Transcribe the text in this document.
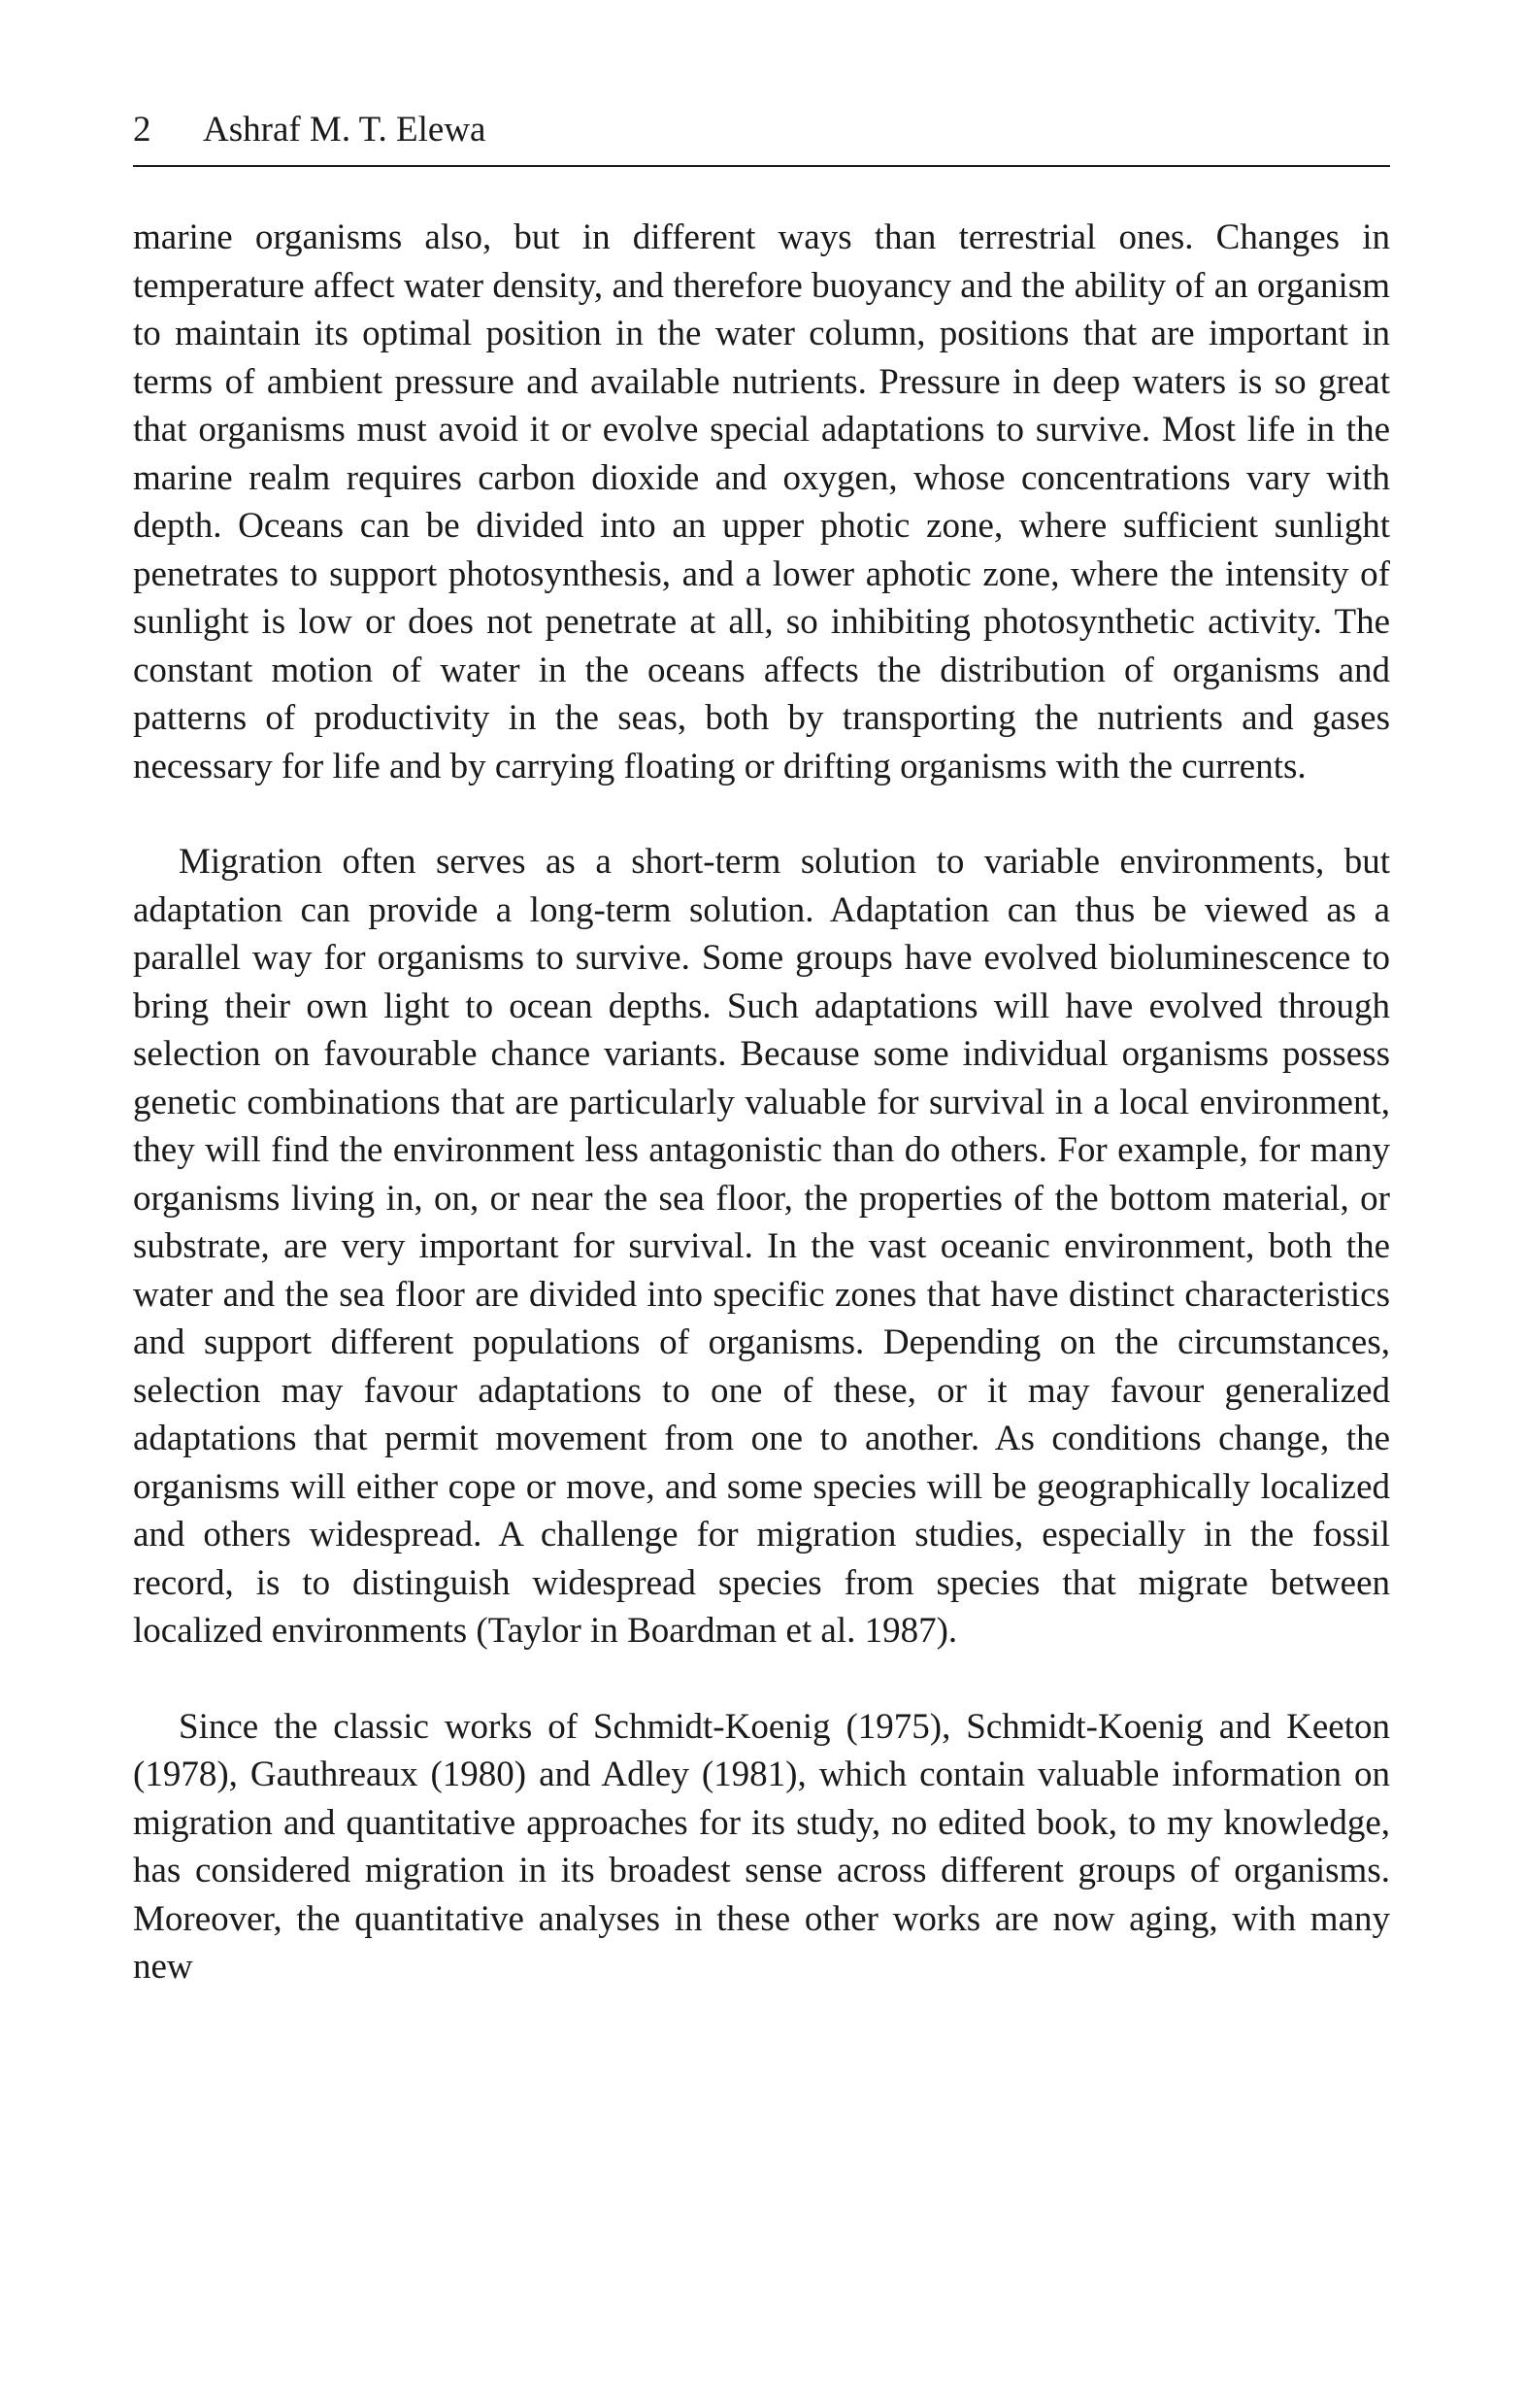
2 Ashraf M. T. Elewa

marine organisms also, but in different ways than terrestrial ones. Changes in temperature affect water density, and therefore buoyancy and the ability of an organism to maintain its optimal position in the water column, positions that are important in terms of ambient pressure and available nutrients. Pressure in deep waters is so great that organisms must avoid it or evolve special adaptations to survive. Most life in the marine realm requires carbon dioxide and oxygen, whose concentrations vary with depth. Oceans can be divided into an upper photic zone, where sufficient sunlight penetrates to support photosynthesis, and a lower aphotic zone, where the intensity of sunlight is low or does not penetrate at all, so inhibiting photosynthetic activity. The constant motion of water in the oceans affects the distribution of organisms and patterns of productivity in the seas, both by transporting the nutrients and gases necessary for life and by carrying floating or drifting organisms with the currents.

Migration often serves as a short-term solution to variable environments, but adaptation can provide a long-term solution. Adaptation can thus be viewed as a parallel way for organisms to survive. Some groups have evolved bioluminescence to bring their own light to ocean depths. Such adaptations will have evolved through selection on favourable chance variants. Because some individual organisms possess genetic combinations that are particularly valuable for survival in a local environment, they will find the environment less antagonistic than do others. For example, for many organisms living in, on, or near the sea floor, the properties of the bottom material, or substrate, are very important for survival. In the vast oceanic environment, both the water and the sea floor are divided into specific zones that have distinct characteristics and support different populations of organisms. Depending on the circumstances, selection may favour adaptations to one of these, or it may favour generalized adaptations that permit movement from one to another. As conditions change, the organisms will either cope or move, and some species will be geographically localized and others widespread. A challenge for migration studies, especially in the fossil record, is to distinguish widespread species from species that migrate between localized environments (Taylor in Boardman et al. 1987).

Since the classic works of Schmidt-Koenig (1975), Schmidt-Koenig and Keeton (1978), Gauthreaux (1980) and Adley (1981), which contain valuable information on migration and quantitative approaches for its study, no edited book, to my knowledge, has considered migration in its broadest sense across different groups of organisms. Moreover, the quantitative analyses in these other works are now aging, with many new
